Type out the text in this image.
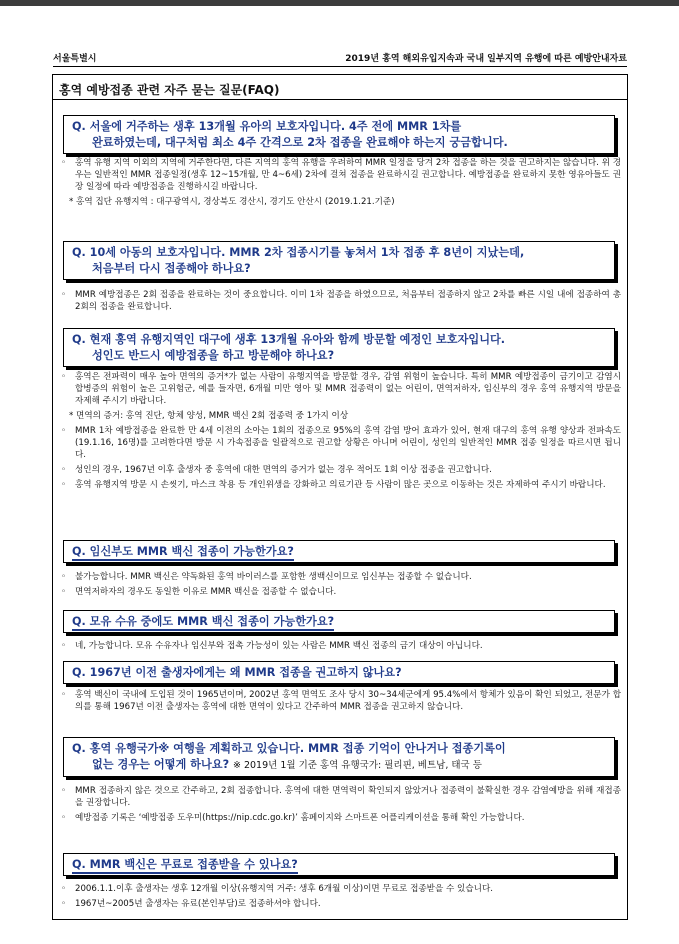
서울특별시	2019년 홍역 해외유입지속과 국내 일부지역 유행에 따른 예방안내자료
홍역 예방접종 관련 자주 묻는 질문(FAQ)
Q. 서울에 거주하는 생후 13개월 유아의 보호자입니다. 4주 전에 MMR 1차를
완료하였는데, 대구처럼 최소 4주 간격으로 2차 접종을 완료해야 하는지 궁금합니다.

◦ 홍역 유행 지역 이외의 지역에 거주한다면, 다른 지역의 홍역 유행을 우려하여 MMR 일정을 당겨 2차 접종을 하는 것을 권고하지는 않습니다. 위 경우는 일반적인 MMR 접종일정(생후 12~15개월, 만 4~6세) 2차에 걸쳐 접종을 완료하시길 권고합니다. 예방접종을 완료하지 못한 영유아들도 권장 일정에 따라 예방접종을 진행하시길 바랍니다.

* 홍역 집단 유행지역 : 대구광역시, 경상북도 경산시, 경기도 안산시 (2019.1.21.기준)

Q. 10세 아동의 보호자입니다. MMR 2차 접종시기를 놓쳐서 1차 접종 후 8년이 지났는데,
처음부터 다시 접종해야 하나요?

◦ MMR 예방접종은 2회 접종을 완료하는 것이 중요합니다. 이미 1차 접종을 하였으므로, 처음부터 접종하지 않고 2차를 빠른 시일 내에 접종하여 총 2회의 접종을 완료합니다.

Q. 현재 홍역 유행지역인 대구에 생후 13개월 유아와 함께 방문할 예정인 보호자입니다.
성인도 반드시 예방접종을 하고 방문해야 하나요?

◦ 홍역은 전파력이 매우 높아 면역의 증거*가 없는 사람이 유행지역을 방문할 경우, 감염 위험이 높습니다. 특히 MMR 예방접종이 금기이고 감염시 합병증의 위험이 높은 고위험군, 예를 들자면, 6개월 미만 영아 및 MMR 접종력이 없는 어린이, 면역저하자, 임신부의 경우 홍역 유행지역 방문을 자제해 주시기 바랍니다.

* 면역의 증거: 홍역 진단, 항체 양성, MMR 백신 2회 접종력 중 1가지 이상

◦ MMR 1차 예방접종을 완료한 만 4세 이전의 소아는 1회의 접종으로 95%의 홍역 감염 방어 효과가 있어, 현재 대구의 홍역 유행 양상과 전파속도(19.1.16, 16명)를 고려한다면 방문 시 가속접종을 일괄적으로 권고할 상황은 아니며 어린이, 성인의 일반적인 MMR 접종 일정을 따르시면 됩니다.

◦ 성인의 경우, 1967년 이후 출생자 중 홍역에 대한 면역의 증거가 없는 경우 적어도 1회 이상 접종을 권고합니다.

◦ 홍역 유행지역 방문 시 손씻기, 마스크 착용 등 개인위생을 강화하고 의료기관 등 사람이 많은 곳으로 이동하는 것은 자제하여 주시기 바랍니다.

Q. 임신부도 MMR 백신 접종이 가능한가요?

◦ 불가능합니다. MMR 백신은 약독화된 홍역 바이러스를 포함한 생백신이므로 임신부는 접종할 수 없습니다.

◦ 면역저하자의 경우도 동일한 이유로 MMR 백신을 접종할 수 없습니다.

Q. 모유 수유 중에도 MMR 백신 접종이 가능한가요?

◦ 네, 가능합니다. 모유 수유자나 임신부와 접촉 가능성이 있는 사람은 MMR 백신 접종의 금기 대상이 아닙니다.

Q. 1967년 이전 출생자에게는 왜 MMR 접종을 권고하지 않나요?

◦ 홍역 백신이 국내에 도입된 것이 1965년이며, 2002년 홍역 면역도 조사 당시 30~34세군에게 95.4%에서 항체가 있음이 확인 되었고, 전문가 합의를 통해 1967년 이전 출생자는 홍역에 대한 면역이 있다고 간주하여 MMR 접종을 권고하지 않습니다.

Q. 홍역 유행국가※ 여행을 계획하고 있습니다. MMR 접종 기억이 안나거나 접종기록이
없는 경우는 어떻게 하나요? ※ 2019년 1월 기준 홍역 유행국가: 필리핀, 베트남, 태국 등

◦ MMR 접종하지 않은 것으로 간주하고, 2회 접종합니다. 홍역에 대한 면역력이 확인되지 않았거나 접종력이 불확실한 경우 감염예방을 위해 재접종을 권장합니다.

◦ 예방접종 기록은 ‘예방접종 도우미(https://nip.cdc.go.kr)’ 홈페이지와 스마트폰 어플리케이션을 통해 확인 가능합니다.

Q. MMR 백신은 무료로 접종받을 수 있나요?

◦ 2006.1.1.이후 출생자는 생후 12개월 이상(유행지역 거주: 생후 6개월 이상)이면 무료로 접종받을 수 있습니다.

◦ 1967년~2005년 출생자는 유료(본인부담)로 접종하셔야 합니다.
